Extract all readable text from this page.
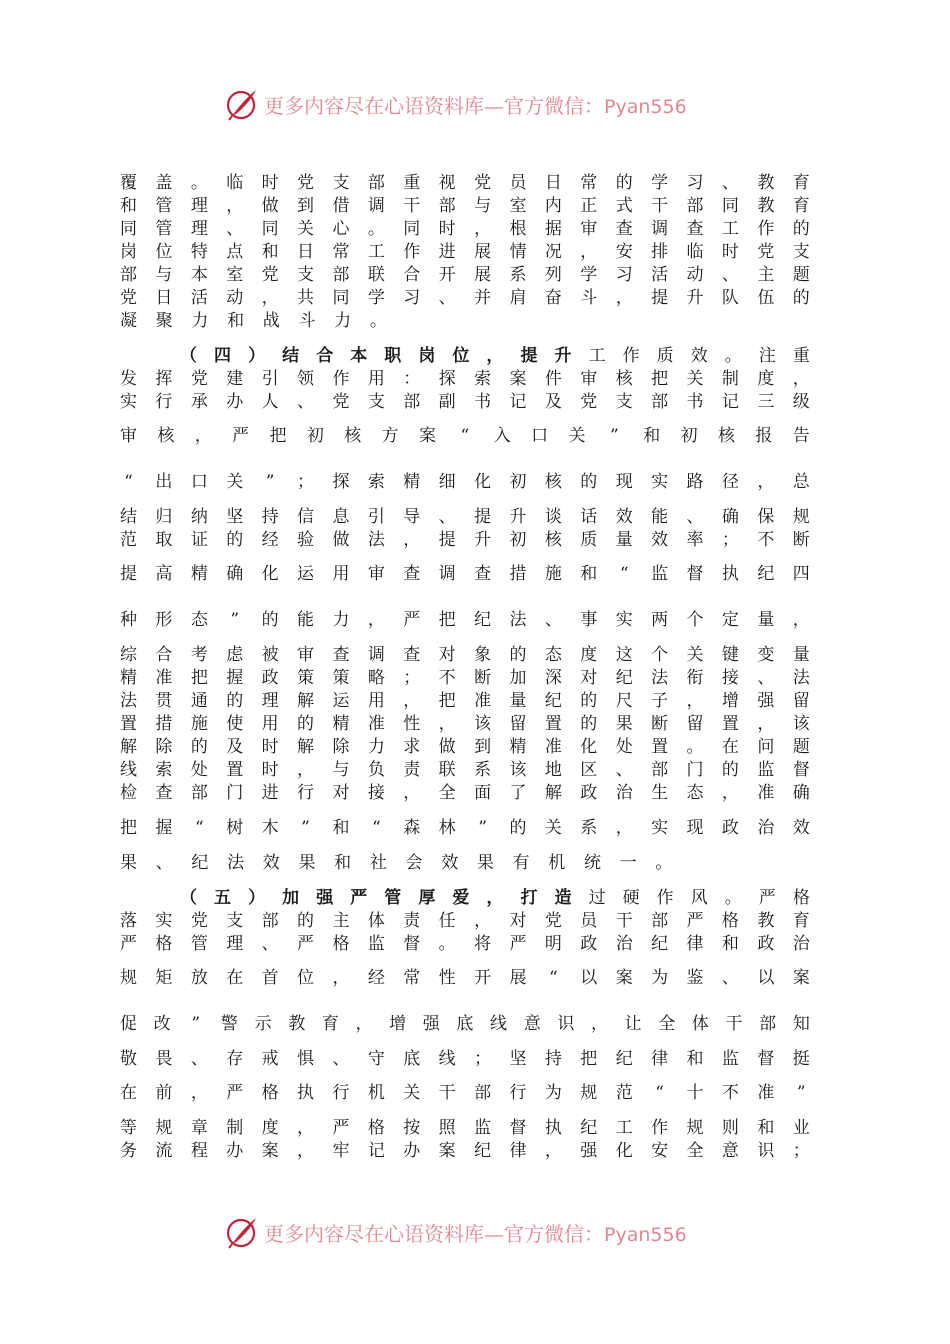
更多内容尽在心语资料库—官方微信：Pyan556
覆 盖 。 临 时 党 支 部 重 视 党 员 日 常 的 学 习 、 教 育
和 管 理 ， 做 到 借 调 干 部 与 室 内 正 式 干 部 同 教 育
同 管 理 、 同 关 心 。 同 时 ， 根 据 审 查 调 查 工 作 的
岗 位 特 点 和 日 常 工 作 进 展 情 况 ， 安 排 临 时 党 支
部 与 本 室 党 支 部 联 合 开 展 系 列 学 习 活 动 、 主 题
党 日 活 动 ， 共 同 学 习 、 并 肩 奋 斗 ， 提 升 队 伍 的
凝 聚 力 和 战 斗 力 。
（ 四 ） 结 合 本 职 岗 位 ， 提 升 工 作 质 效 。 注 重
发 挥 党 建 引 领 作 用 ： 探 索 案 件 审 核 把 关 制 度 ，
实 行 承 办 人 、 党 支 部 副 书 记 及 党 支 部 书 记 三 级
审 核 ， 严 把 初 核 方 案 “ 入 口 关 ” 和 初 核 报 告
“ 出 口 关 ” ； 探 索 精 细 化 初 核 的 现 实 路 径 ， 总
结 归 纳 坚 持 信 息 引 导 、 提 升 谈 话 效 能 、 确 保 规
范 取 证 的 经 验 做 法 ， 提 升 初 核 质 量 效 率 ； 不 断
提 高 精 确 化 运 用 审 查 调 查 措 施 和 “ 监 督 执 纪 四
种 形 态 ” 的 能 力 ， 严 把 纪 法 、 事 实 两 个 定 量 ，
综 合 考 虑 被 审 查 调 查 对 象 的 态 度 这 个 关 键 变 量
精 准 把 握 政 策 策 略 ； 不 断 加 深 对 纪 法 衔 接 、 法
法 贯 通 的 理 解 运 用 ， 把 准 量 纪 的 尺 子 ， 增 强 留
置 措 施 使 用 的 精 准 性 ， 该 留 置 的 果 断 留 置 ， 该
解 除 的 及 时 解 除 力 求 做 到 精 准 化 处 置 。 在 问 题
线 索 处 置 时 ， 与 负 责 联 系 该 地 区 、 部 门 的 监 督
检 查 部 门 进 行 对 接 ， 全 面 了 解 政 治 生 态 ， 准 确
把 握 “ 树 木 ” 和 “ 森 林 ” 的 关 系 ， 实 现 政 治 效
果 、 纪 法 效 果 和 社 会 效 果 有 机 统 一 。
（ 五 ） 加 强 严 管 厚 爱 ， 打 造 过 硬 作 风 。 严 格
落 实 党 支 部 的 主 体 责 任 ， 对 党 员 干 部 严 格 教 育
严 格 管 理 、 严 格 监 督 。 将 严 明 政 治 纪 律 和 政 治
规 矩 放 在 首 位 ， 经 常 性 开 展 “ 以 案 为 鉴 、 以 案
促 改 ” 警 示 教 育 ， 增 强 底 线 意 识 ， 让 全 体 干 部 知
敬 畏 、 存 戒 惧 、 守 底 线 ； 坚 持 把 纪 律 和 监 督 挺
在 前 ， 严 格 执 行 机 关 干 部 行 为 规 范 “ 十 不 准 ”
等 规 章 制 度 ， 严 格 按 照 监 督 执 纪 工 作 规 则 和 业
务 流 程 办 案 ， 牢 记 办 案 纪 律 ， 强 化 安 全 意 识 ；
更多内容尽在心语资料库—官方微信：Pyan556
